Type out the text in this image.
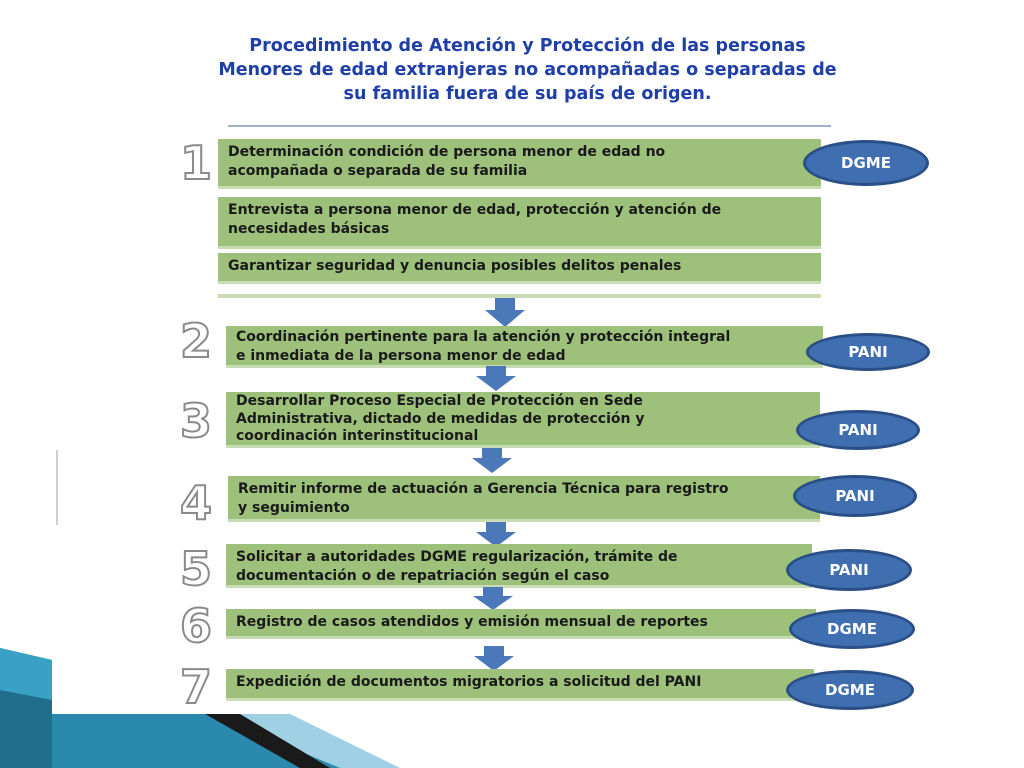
Procedimiento de Atención y Protección de las personas
Menores de edad extranjeras no acompañadas o separadas de
su familia fuera de su país de origen.
1 Determinación condición de persona menor de edad no
acompañada o separada de su familia
Entrevista a persona menor de edad, protección y atención de
necesidades básicas
Garantizar seguridad y denuncia posibles delitos penales
DGME
2 Coordinación pertinente para la atención y protección integral
e inmediata de la persona menor de edad	PANI
3 Desarrollar Proceso Especial de Protección en Sede
Administrativa, dictado de medidas de protección y
coordinación interinstitucional	PANI
4 Remitir informe de actuación a Gerencia Técnica para registro
y seguimiento
PANI
5 Solicitar a autoridades DGME regularización, trámite de
documentación o de repatriación según el caso	PANI
6 Registro de casos atendidos y emisión mensual de reportes	DGME
7 Expedición de documentos migratorios a solicitud del PANI	DGME
